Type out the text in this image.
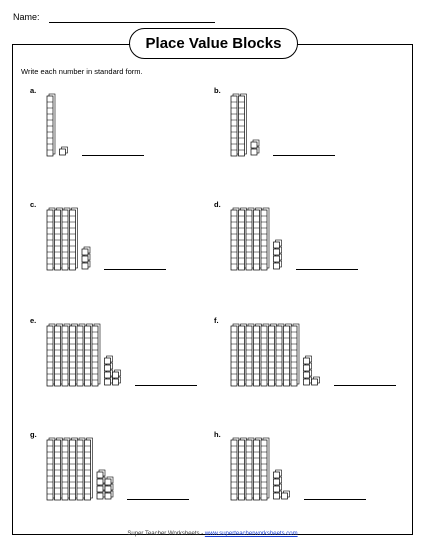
Name:
Place Value Blocks
Write each number in standard form.
a.	b.
c.	d.
e.	f.
g.	h.
Super Teacher Worksheets - www.superteacherworksheets.com
